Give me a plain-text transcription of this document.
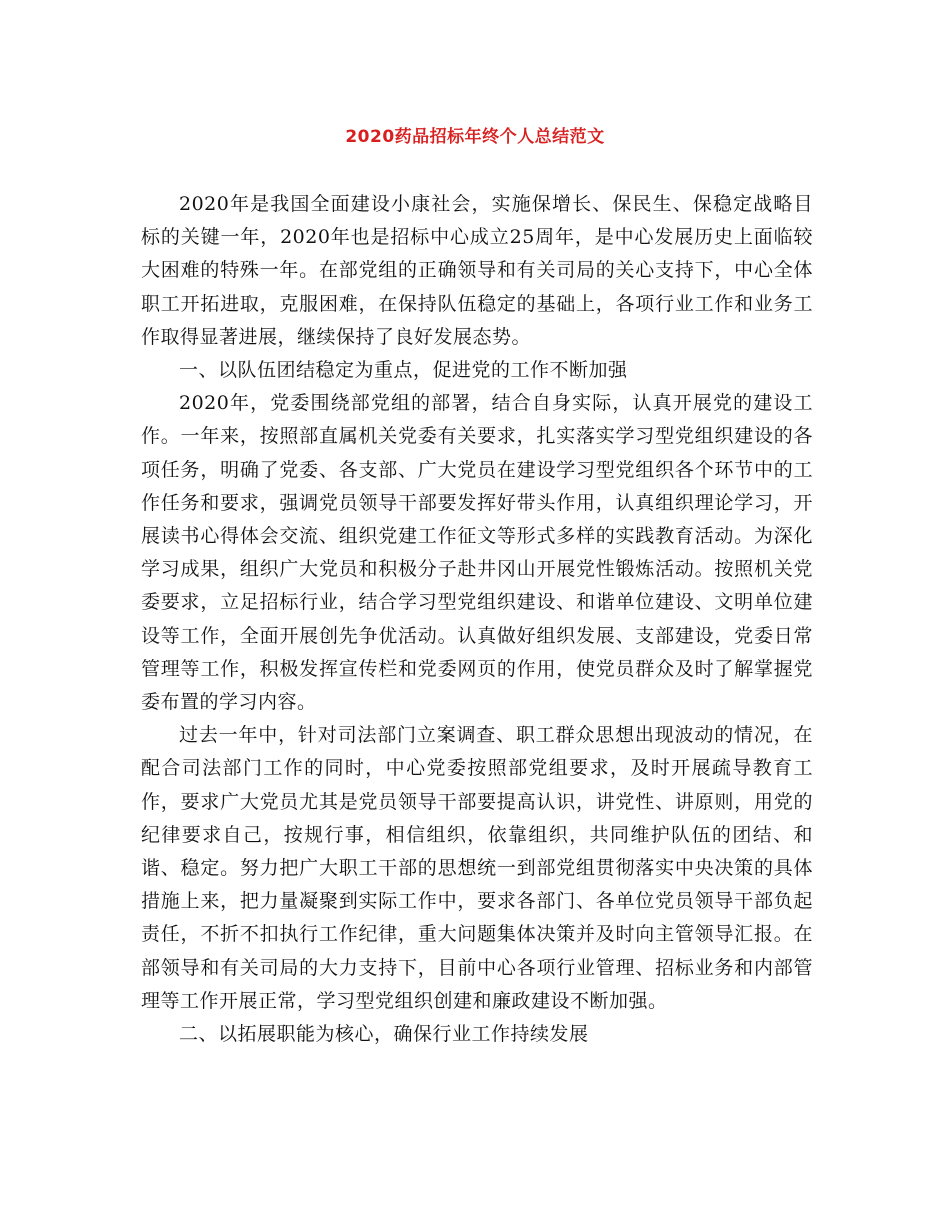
2020药品招标年终个人总结范文

2020年是我国全面建设小康社会，实施保增长、保民生、保稳定战略目标的关键一年，2020年也是招标中心成立25周年，是中心发展历史上面临较大困难的特殊一年。在部党组的正确领导和有关司局的关心支持下，中心全体职工开拓进取，克服困难，在保持队伍稳定的基础上，各项行业工作和业务工作取得显著进展，继续保持了良好发展态势。

一、以队伍团结稳定为重点，促进党的工作不断加强

2020年，党委围绕部党组的部署，结合自身实际，认真开展党的建设工作。一年来，按照部直属机关党委有关要求，扎实落实学习型党组织建设的各项任务，明确了党委、各支部、广大党员在建设学习型党组织各个环节中的工作任务和要求，强调党员领导干部要发挥好带头作用，认真组织理论学习，开展读书心得体会交流、组织党建工作征文等形式多样的实践教育活动。为深化学习成果，组织广大党员和积极分子赴井冈山开展党性锻炼活动。按照机关党委要求，立足招标行业，结合学习型党组织建设、和谐单位建设、文明单位建设等工作，全面开展创先争优活动。认真做好组织发展、支部建设，党委日常管理等工作，积极发挥宣传栏和党委网页的作用，使党员群众及时了解掌握党委布置的学习内容。

过去一年中，针对司法部门立案调查、职工群众思想出现波动的情况，在配合司法部门工作的同时，中心党委按照部党组要求，及时开展疏导教育工作，要求广大党员尤其是党员领导干部要提高认识，讲党性、讲原则，用党的纪律要求自己，按规行事，相信组织，依靠组织，共同维护队伍的团结、和谐、稳定。努力把广大职工干部的思想统一到部党组贯彻落实中央决策的具体措施上来，把力量凝聚到实际工作中，要求各部门、各单位党员领导干部负起责任，不折不扣执行工作纪律，重大问题集体决策并及时向主管领导汇报。在部领导和有关司局的大力支持下，目前中心各项行业管理、招标业务和内部管理等工作开展正常，学习型党组织创建和廉政建设不断加强。

二、以拓展职能为核心，确保行业工作持续发展
